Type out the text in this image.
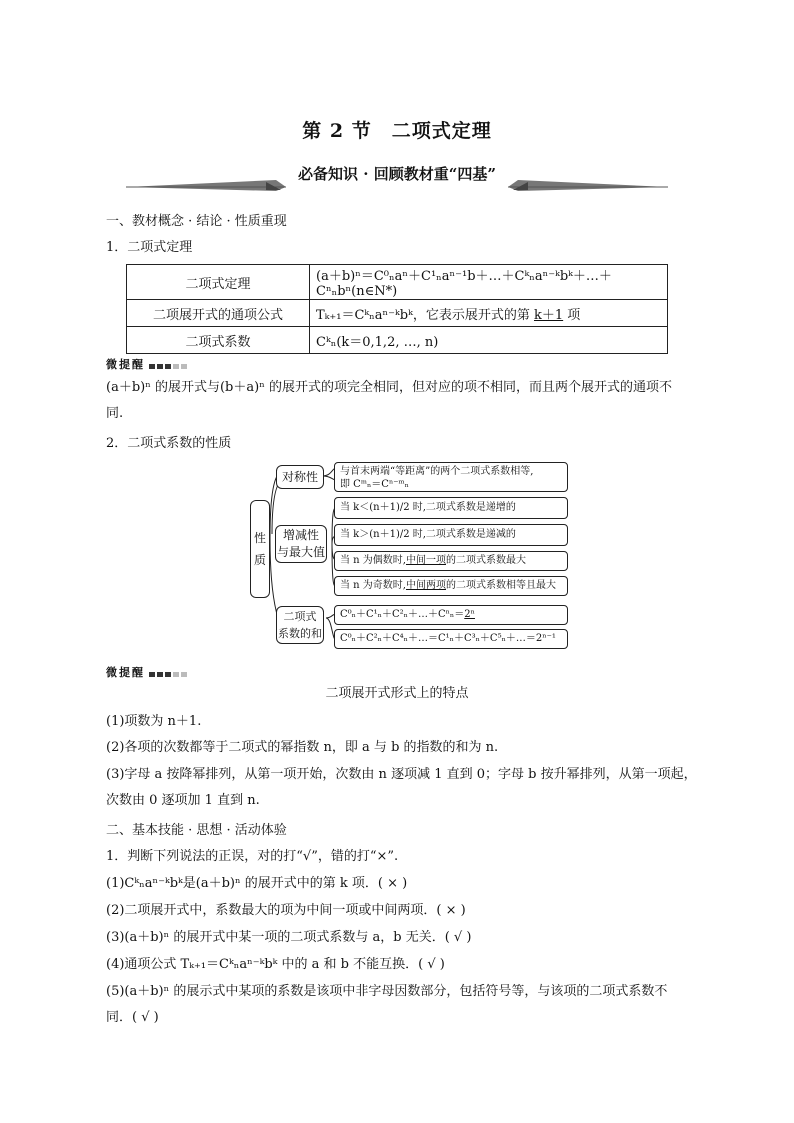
第 2 节　二项式定理
必备知识 · 回顾教材重“四基”
一、教材概念 · 结论 · 性质重现
1．二项式定理
二项式定理	(a＋b)ⁿ＝C⁰ₙaⁿ＋C¹ₙaⁿ⁻¹b＋…＋Cᵏₙaⁿ⁻ᵏbᵏ＋…＋Cⁿₙbⁿ(n∈N*)
二项展开式的通项公式	Tₖ₊₁＝Cᵏₙaⁿ⁻ᵏbᵏ，它表示展开式的第 k＋1 项
二项式系数	Cᵏₙ(k＝0,1,2, …, n)
微提醒
(a＋b)ⁿ 的展开式与(b＋a)ⁿ 的展开式的项完全相同，但对应的项不相同，而且两个展开式的通项不
同.
2．二项式系数的性质
性
质
对称性
增减性
与最大值
二项式
系数的和
与首末两端“等距离”的两个二项式系数相等,
即 Cᵐₙ＝Cⁿ⁻ᵐₙ
当 k＜(n＋1)/2 时,二项式系数是递增的
当 k＞(n＋1)/2 时,二项式系数是递减的
当 n 为偶数时,中间一项的二项式系数最大
当 n 为奇数时,中间两项的二项式系数相等且最大
C⁰ₙ＋C¹ₙ＋C²ₙ＋…＋Cⁿₙ＝2ⁿ
C⁰ₙ＋C²ₙ＋C⁴ₙ＋…＝C¹ₙ＋C³ₙ＋C⁵ₙ＋…＝2ⁿ⁻¹
微提醒
二项展开式形式上的特点
(1)项数为 n＋1.
(2)各项的次数都等于二项式的幂指数 n，即 a 与 b 的指数的和为 n.
(3)字母 a 按降幂排列，从第一项开始，次数由 n 逐项减 1 直到 0；字母 b 按升幂排列，从第一项起，
次数由 0 逐项加 1 直到 n.
二、基本技能 · 思想 · 活动体验
1．判断下列说法的正误，对的打“√”，错的打“×”.
(1)Cᵏₙaⁿ⁻ᵏbᵏ是(a＋b)ⁿ 的展开式中的第 k 项．( × )
(2)二项展开式中，系数最大的项为中间一项或中间两项．( × )
(3)(a＋b)ⁿ 的展开式中某一项的二项式系数与 a，b 无关．( √ )
(4)通项公式 Tₖ₊₁＝Cᵏₙaⁿ⁻ᵏbᵏ 中的 a 和 b 不能互换．( √ )
(5)(a＋b)ⁿ 的展示式中某项的系数是该项中非字母因数部分，包括符号等，与该项的二项式系数不
同．( √ )
